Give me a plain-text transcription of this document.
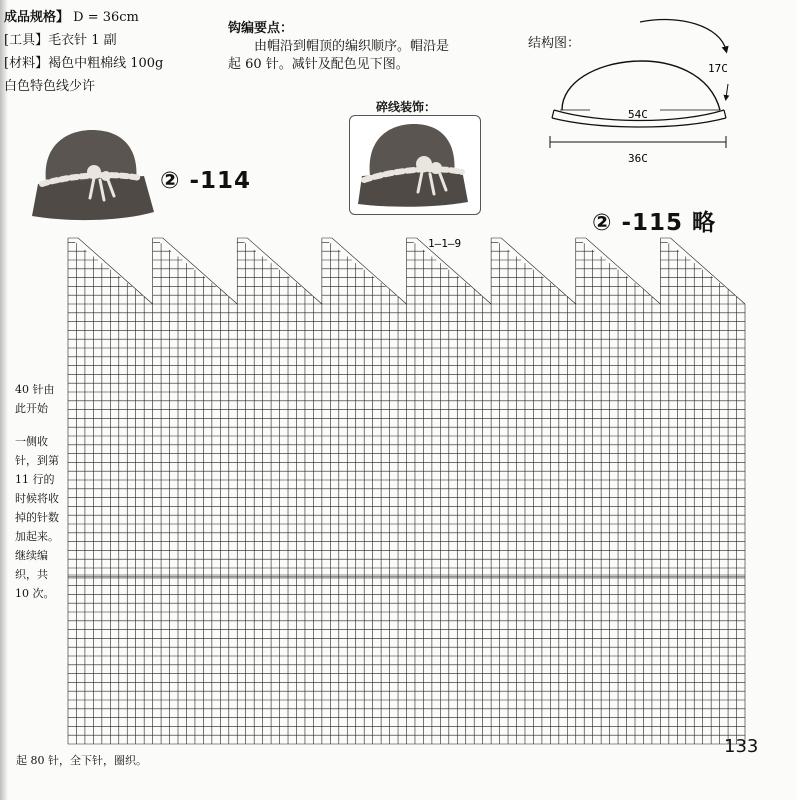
成品规格】 D = 36cm
[工具】毛衣针 1 副
[材料】褐色中粗棉线 100g
白色特色线少许
钩编要点：
由帽沿到帽顶的编织顺序。帽沿是起 60 针。减针及配色见下图。
结构图：
17C
54C
36C
② -114
碎线装饰：
② -115 略
1—1—9
40 针由此开始
一侧收针，到第 11 行的时候将收掉的针数加起来。继续编织，共 10 次。
起 80 针，全下针，圈织。
133
